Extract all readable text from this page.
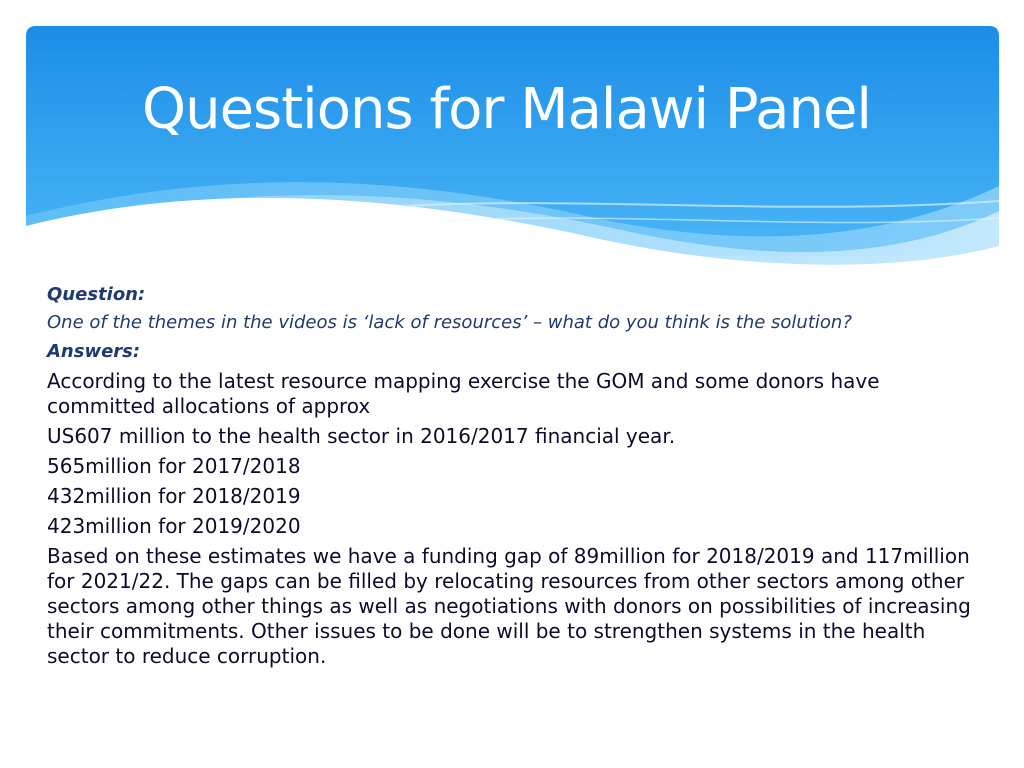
Questions for Malawi Panel

Question:

One of the themes in the videos is ‘lack of resources’ – what do you think is the solution?

Answers:

According to the latest resource mapping exercise the GOM and some donors have committed allocations of approx

US607 million to the health sector in 2016/2017 financial year.

565million for 2017/2018

432million for 2018/2019

423million for 2019/2020

Based on these estimates we have a funding gap of 89million for 2018/2019 and 117million for 2021/22. The gaps can be filled by relocating resources from other sectors among other sectors among other things as well as negotiations with donors on possibilities of increasing their commitments. Other issues to be done will be to strengthen systems in the health sector to reduce corruption.
